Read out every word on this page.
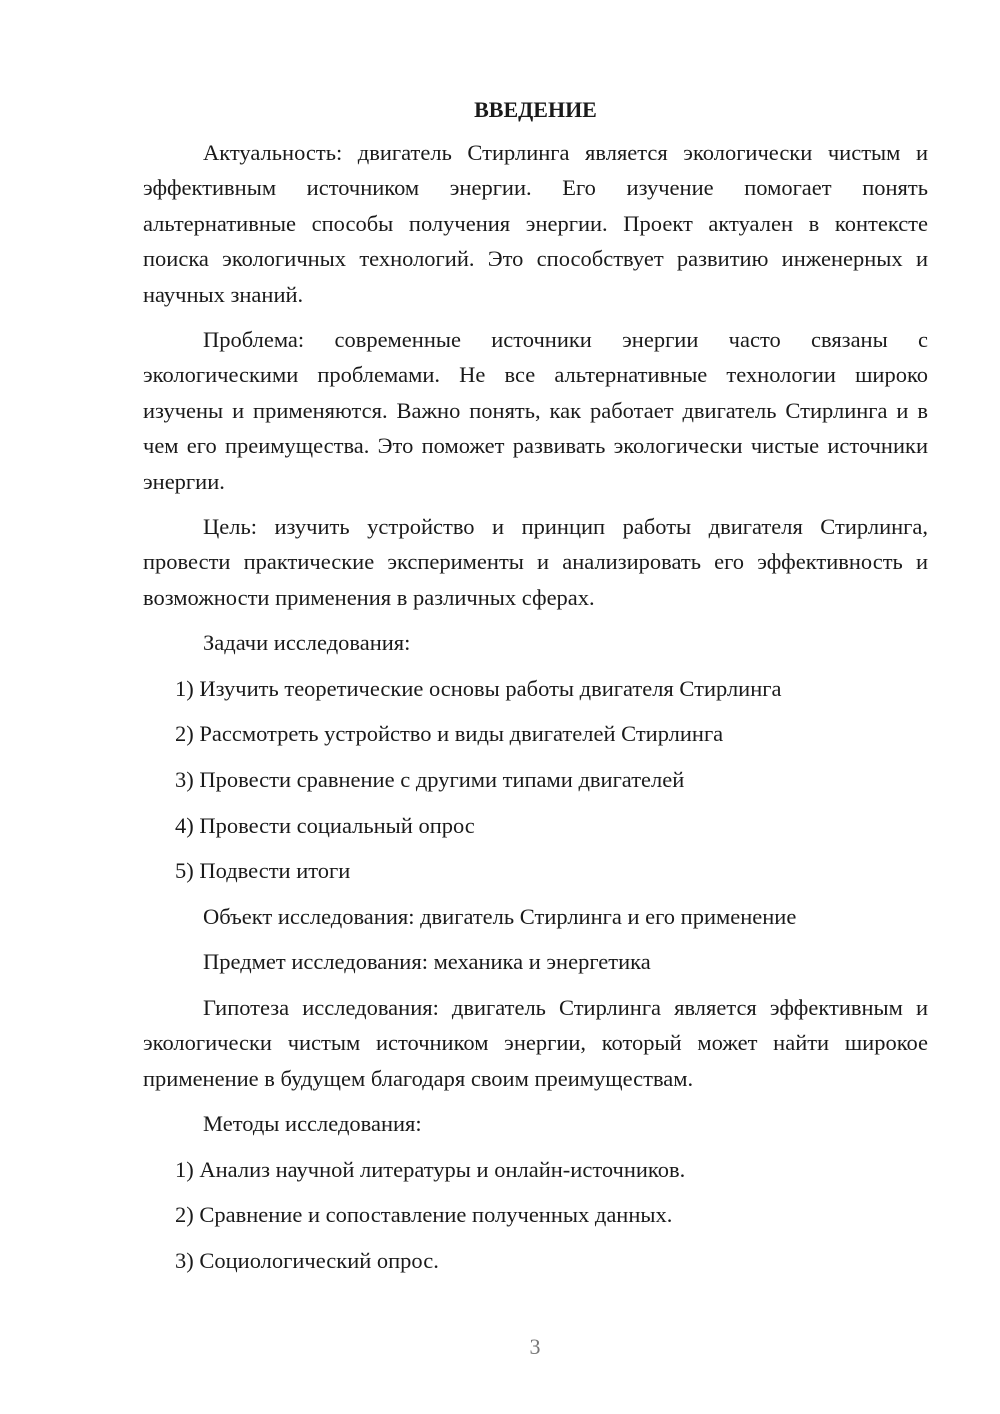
ВВЕДЕНИЕ

Актуальность: двигатель Стирлинга является экологически чистым и эффективным источником энергии. Его изучение помогает понять альтернативные способы получения энергии. Проект актуален в контексте поиска экологичных технологий. Это способствует развитию инженерных и научных знаний.

Проблема: современные источники энергии часто связаны с экологическими проблемами. Не все альтернативные технологии широко изучены и применяются. Важно понять, как работает двигатель Стирлинга и в чем его преимущества. Это поможет развивать экологически чистые источники энергии.

Цель: изучить устройство и принцип работы двигателя Стирлинга, провести практические эксперименты и анализировать его эффективность и возможности применения в различных сферах.

Задачи исследования:

1) Изучить теоретические основы работы двигателя Стирлинга
2) Рассмотреть устройство и виды двигателей Стирлинга
3) Провести сравнение с другими типами двигателей
4) Провести социальный опрос
5) Подвести итоги

Объект исследования: двигатель Стирлинга и его применение

Предмет исследования: механика и энергетика

Гипотеза исследования: двигатель Стирлинга является эффективным и экологически чистым источником энергии, который может найти широкое применение в будущем благодаря своим преимуществам.

Методы исследования:

1) Анализ научной литературы и онлайн-источников.
2) Сравнение и сопоставление полученных данных.
3) Социологический опрос.
3
